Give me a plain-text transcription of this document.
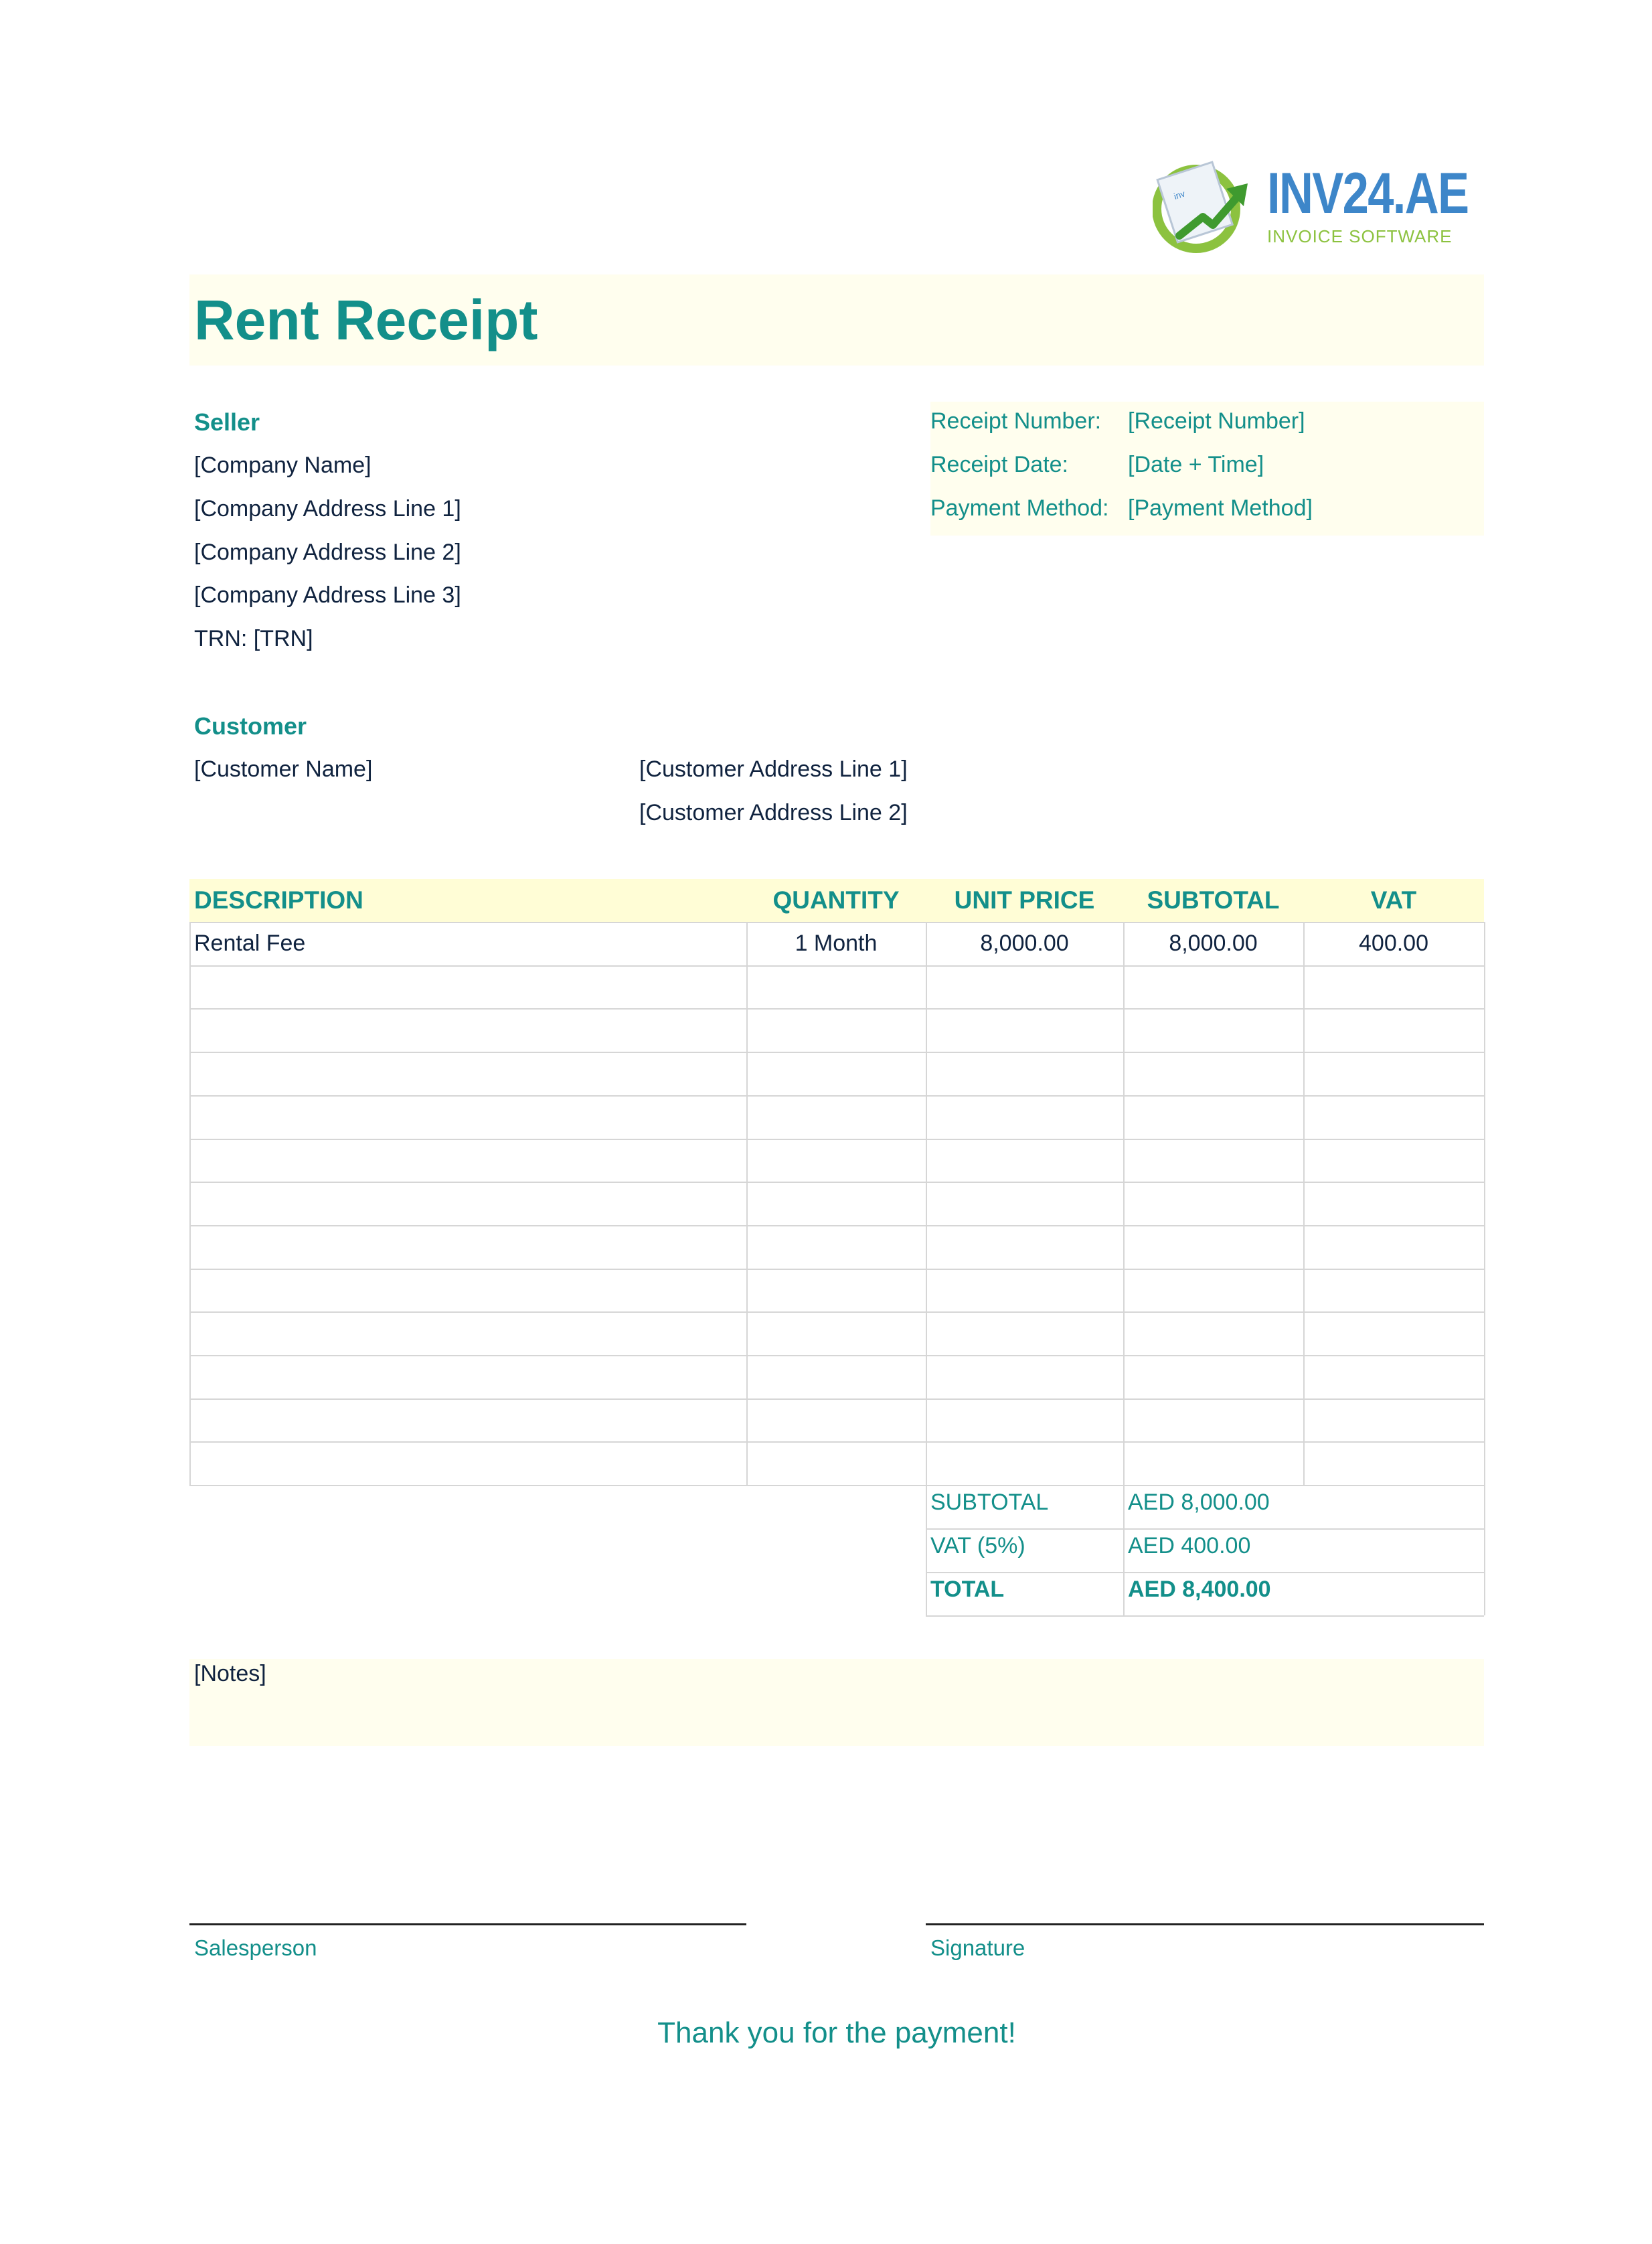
inv INV24.AE
INVOICE SOFTWARE
Rent Receipt
Seller
[Company Name]
[Company Address Line 1]
[Company Address Line 2]
[Company Address Line 3]
TRN: [TRN]
Receipt Number: [Receipt Number]
Receipt Date:	[Date + Time]
Payment Method: [Payment Method]
Customer
[Customer Name]	[Customer Address Line 1]
[Customer Address Line 2]
DESCRIPTION	QUANTITY	UNIT PRICE	SUBTOTAL	VAT
Rental Fee	1 Month	8,000.00	8,000.00	400.00
SUBTOTAL	AED 8,000.00
VAT (5%)	AED 400.00
TOTAL	AED 8,400.00
[Notes]
Salesperson	Signature
Thank you for the payment!
